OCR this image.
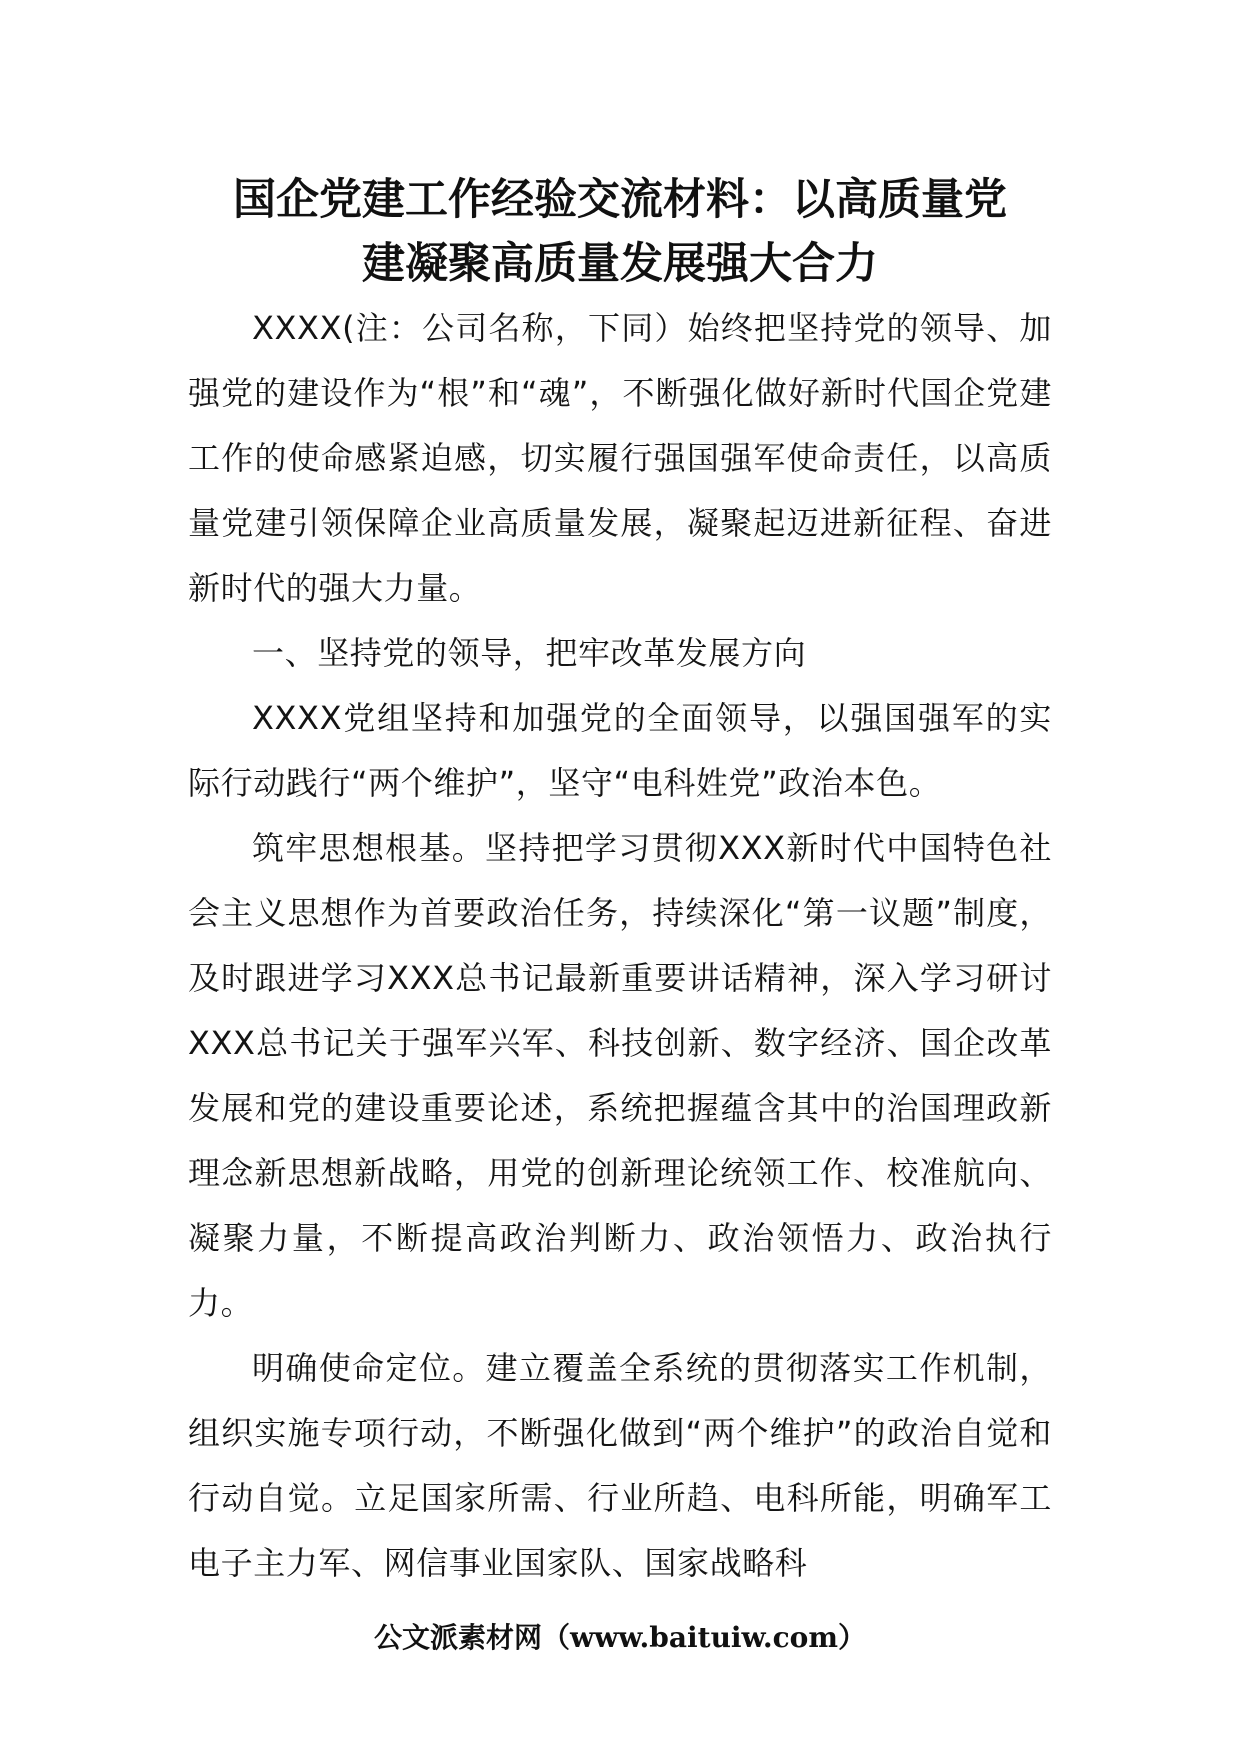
国企党建工作经验交流材料：以高质量党
建凝聚高质量发展强大合力

XXXX(注：公司名称，下同）始终把坚持党的领导、加强党的建设作为“根”和“魂”，不断强化做好新时代国企党建工作的使命感紧迫感，切实履行强国强军使命责任，以高质量党建引领保障企业高质量发展，凝聚起迈进新征程、奋进新时代的强大力量。

一、坚持党的领导，把牢改革发展方向

XXXX党组坚持和加强党的全面领导，以强国强军的实际行动践行“两个维护”，坚守“电科姓党”政治本色。

筑牢思想根基。坚持把学习贯彻XXX新时代中国特色社会主义思想作为首要政治任务，持续深化“第一议题”制度，及时跟进学习XXX总书记最新重要讲话精神，深入学习研讨XXX总书记关于强军兴军、科技创新、数字经济、国企改革发展和党的建设重要论述，系统把握蕴含其中的治国理政新理念新思想新战略，用党的创新理论统领工作、校准航向、凝聚力量，不断提高政治判断力、政治领悟力、政治执行力。

明确使命定位。建立覆盖全系统的贯彻落实工作机制，组织实施专项行动，不断强化做到“两个维护”的政治自觉和行动自觉。立足国家所需、行业所趋、电科所能，明确军工电子主力军、网信事业国家队、国家战略科

公文派素材网（www.baituiw.com）
